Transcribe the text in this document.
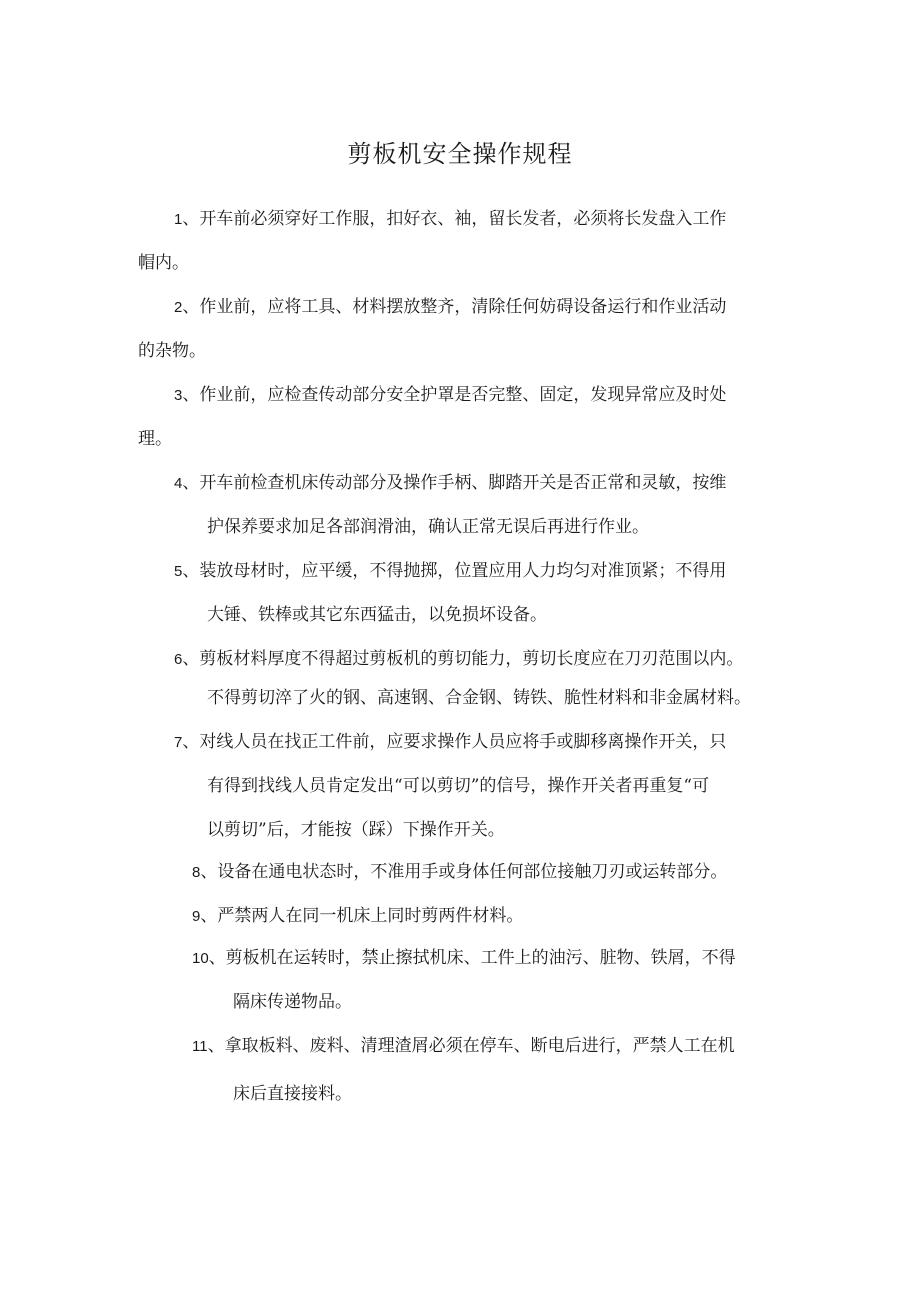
剪板机安全操作规程
1、开车前必须穿好工作服，扣好衣、袖，留长发者，必须将长发盘入工作
帽内。
2、作业前，应将工具、材料摆放整齐，清除任何妨碍设备运行和作业活动
的杂物。
3、作业前，应检查传动部分安全护罩是否完整、固定，发现异常应及时处
理。
4、开车前检查机床传动部分及操作手柄、脚踏开关是否正常和灵敏，按维
护保养要求加足各部润滑油，确认正常无误后再进行作业。
5、装放母材时，应平缓，不得抛掷，位置应用人力均匀对准顶紧；不得用
大锤、铁棒或其它东西猛击，以免损坏设备。
6、剪板材料厚度不得超过剪板机的剪切能力，剪切长度应在刀刃范围以内。
不得剪切淬了火的钢、高速钢、合金钢、铸铁、脆性材料和非金属材料。
7、对线人员在找正工件前，应要求操作人员应将手或脚移离操作开关，只
有得到找线人员肯定发出“可以剪切”的信号，操作开关者再重复“可
以剪切”后，才能按（踩）下操作开关。
8、设备在通电状态时，不准用手或身体任何部位接触刀刃或运转部分。
9、严禁两人在同一机床上同时剪两件材料。
10、剪板机在运转时，禁止擦拭机床、工件上的油污、脏物、铁屑，不得
隔床传递物品。
11、拿取板料、废料、清理渣屑必须在停车、断电后进行，严禁人工在机
床后直接接料。
